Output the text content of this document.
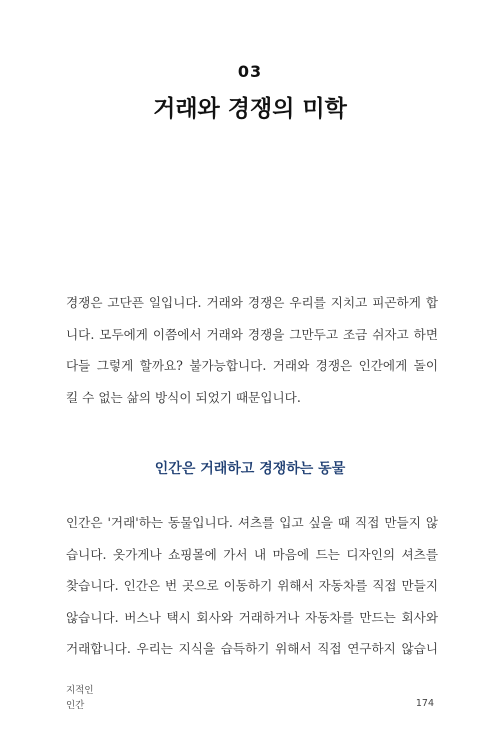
03
거래와 경쟁의 미학
경쟁은 고단픈 일입니다. 거래와 경쟁은 우리를 지치고 피곤하게 합
니다. 모두에게 이쯤에서 거래와 경쟁을 그만두고 조금 쉬자고 하면
다들 그렇게 할까요? 불가능합니다. 거래와 경쟁은 인간에게 돌이
킬 수 없는 삶의 방식이 되었기 때문입니다.
인간은 거래하고 경쟁하는 동물
인간은 '거래'하는 동물입니다. 셔츠를 입고 싶을 때 직접 만들지 않
습니다. 옷가게나 쇼핑몰에 가서 내 마음에 드는 디자인의 셔츠를
찾습니다. 인간은 번 곳으로 이동하기 위해서 자동차를 직접 만들지
않습니다. 버스나 택시 회사와 거래하거나 자동차를 만드는 회사와
거래합니다. 우리는 지식을 습득하기 위해서 직접 연구하지 않습니
지적인
인간	174
